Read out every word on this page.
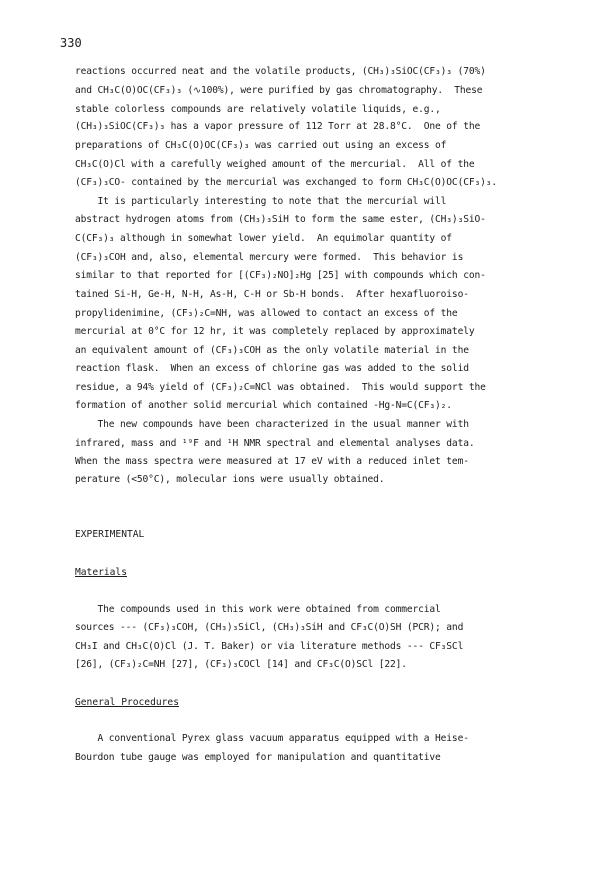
330
reactions occurred neat and the volatile products, (CH₃)₃SiOC(CF₃)₃ (70%)
and CH₃C(O)OC(CF₃)₃ (∿100%), were purified by gas chromatography.  These
stable colorless compounds are relatively volatile liquids, e.g.,
(CH₃)₃SiOC(CF₃)₃ has a vapor pressure of 112 Torr at 28.8°C.  One of the
preparations of CH₃C(O)OC(CF₃)₃ was carried out using an excess of
CH₃C(O)Cl with a carefully weighed amount of the mercurial.  All of the
(CF₃)₃CO- contained by the mercurial was exchanged to form CH₃C(O)OC(CF₃)₃.
It is particularly interesting to note that the mercurial will
abstract hydrogen atoms from (CH₃)₃SiH to form the same ester, (CH₃)₃SiO-
C(CF₃)₃ although in somewhat lower yield.  An equimolar quantity of
(CF₃)₃COH and, also, elemental mercury were formed.  This behavior is
similar to that reported for [(CF₃)₂NO]₂Hg [25] with compounds which con-
tained Si-H, Ge-H, N-H, As-H, C-H or Sb-H bonds.  After hexafluoroiso-
propylidenimine, (CF₃)₂C=NH, was allowed to contact an excess of the
mercurial at 0°C for 12 hr, it was completely replaced by approximately
an equivalent amount of (CF₃)₃COH as the only volatile material in the
reaction flask.  When an excess of chlorine gas was added to the solid
residue, a 94% yield of (CF₃)₂C=NCl was obtained.  This would support the
formation of another solid mercurial which contained -Hg-N=C(CF₃)₂.
The new compounds have been characterized in the usual manner with
infrared, mass and ¹⁹F and ¹H NMR spectral and elemental analyses data.
When the mass spectra were measured at 17 eV with a reduced inlet tem-
perature (<50°C), molecular ions were usually obtained.
EXPERIMENTAL
Materials
The compounds used in this work were obtained from commercial
sources --- (CF₃)₃COH, (CH₃)₃SiCl, (CH₃)₃SiH and CF₃C(O)SH (PCR); and
CH₃I and CH₃C(O)Cl (J. T. Baker) or via literature methods --- CF₃SCl
[26], (CF₃)₂C=NH [27], (CF₃)₃COCl [14] and CF₃C(O)SCl [22].
General Procedures
A conventional Pyrex glass vacuum apparatus equipped with a Heise-
Bourdon tube gauge was employed for manipulation and quantitative
